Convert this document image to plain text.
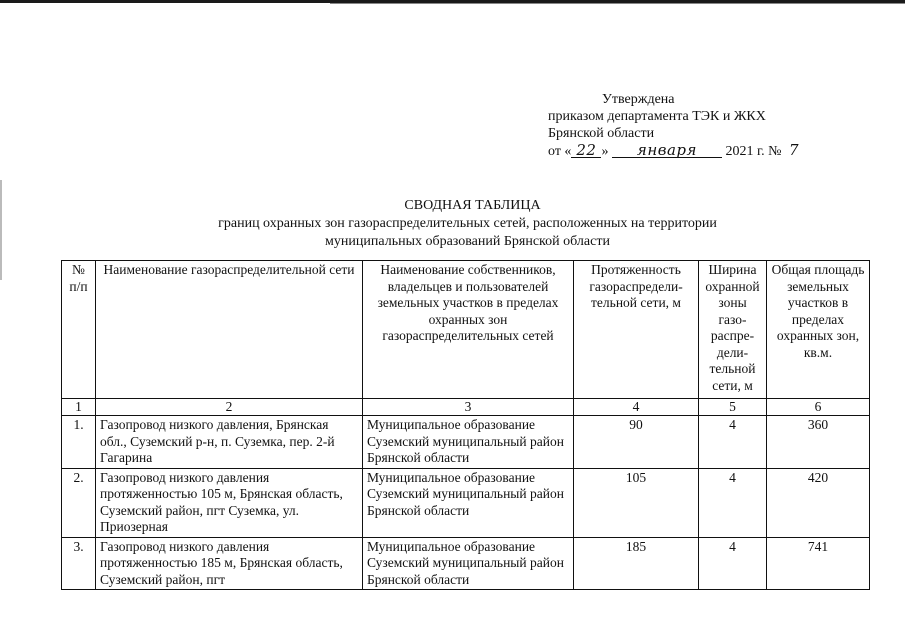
Утверждена
приказом департамента ТЭК и ЖКХ
Брянской области
от « 22 » января 2021 г. № 7
СВОДНАЯ ТАБЛИЦА
границ охранных зон газораспределительных сетей, расположенных на территории
муниципальных образований Брянской области
№ п/п	Наименование газораспределительной сети	Наименование собственников, владельцев и пользователей земельных участков в пределах охранных зон газораспределительных сетей	Протяженность газораспредели-тельной сети, м	Ширина охранной зоны газо-распре-дели-тельной сети, м	Общая площадь земельных участков в пределах охранных зон, кв.м.
1	2	3	4	5	6
1.	Газопровод низкого давления, Брянская обл., Суземский р-н, п. Суземка, пер. 2-й Гагарина	Муниципальное образование Суземский муниципальный район Брянской области	90	4	360
2.	Газопровод низкого давления протяженностью 105 м, Брянская область, Суземский район, пгт Суземка, ул. Приозерная	Муниципальное образование Суземский муниципальный район Брянской области	105	4	420
3.	Газопровод низкого давления протяженностью 185 м, Брянская область, Суземский район, пгт	Муниципальное образование Суземский муниципальный район Брянской области	185	4	741
